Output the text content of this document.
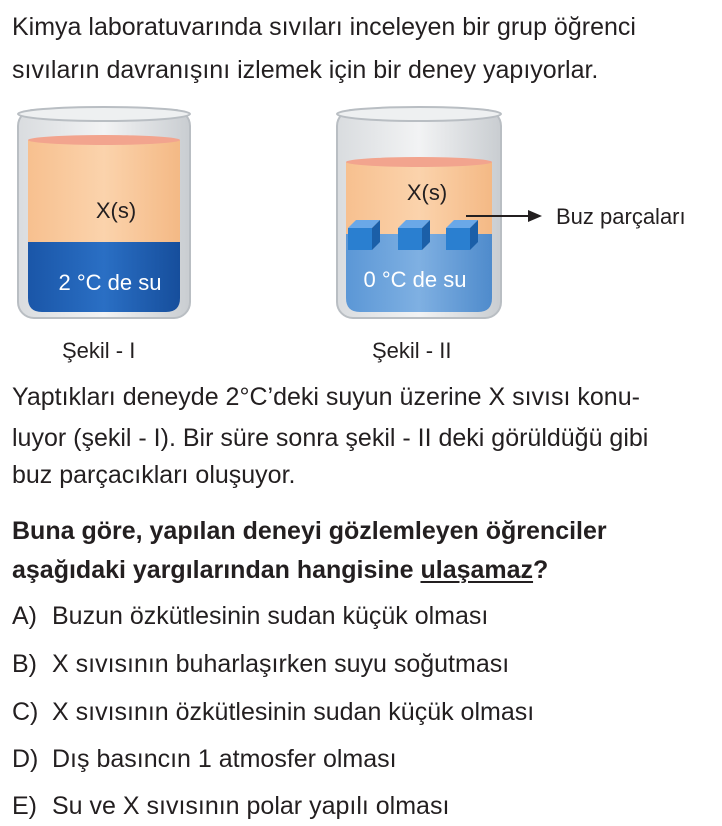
Kimya laboratuvarında sıvıları inceleyen bir grup öğrenci
sıvıların davranışını izlemek için bir deney yapıyorlar.
X(s)
2 °C de su
X(s)
0 °C de su
Buz parçaları
Şekil - I	Şekil - II
Yaptıkları deneyde 2°C’deki suyun üzerine X sıvısı konu-
luyor (şekil - I). Bir süre sonra şekil - II deki görüldüğü gibi
buz parçacıkları oluşuyor.
Buna göre, yapılan deneyi gözlemleyen öğrenciler
aşağıdaki yargılarından hangisine ulaşamaz?
A) Buzun özkütlesinin sudan küçük olması
B) X sıvısının buharlaşırken suyu soğutması
C) X sıvısının özkütlesinin sudan küçük olması
D) Dış basıncın 1 atmosfer olması
E) Su ve X sıvısının polar yapılı olması
